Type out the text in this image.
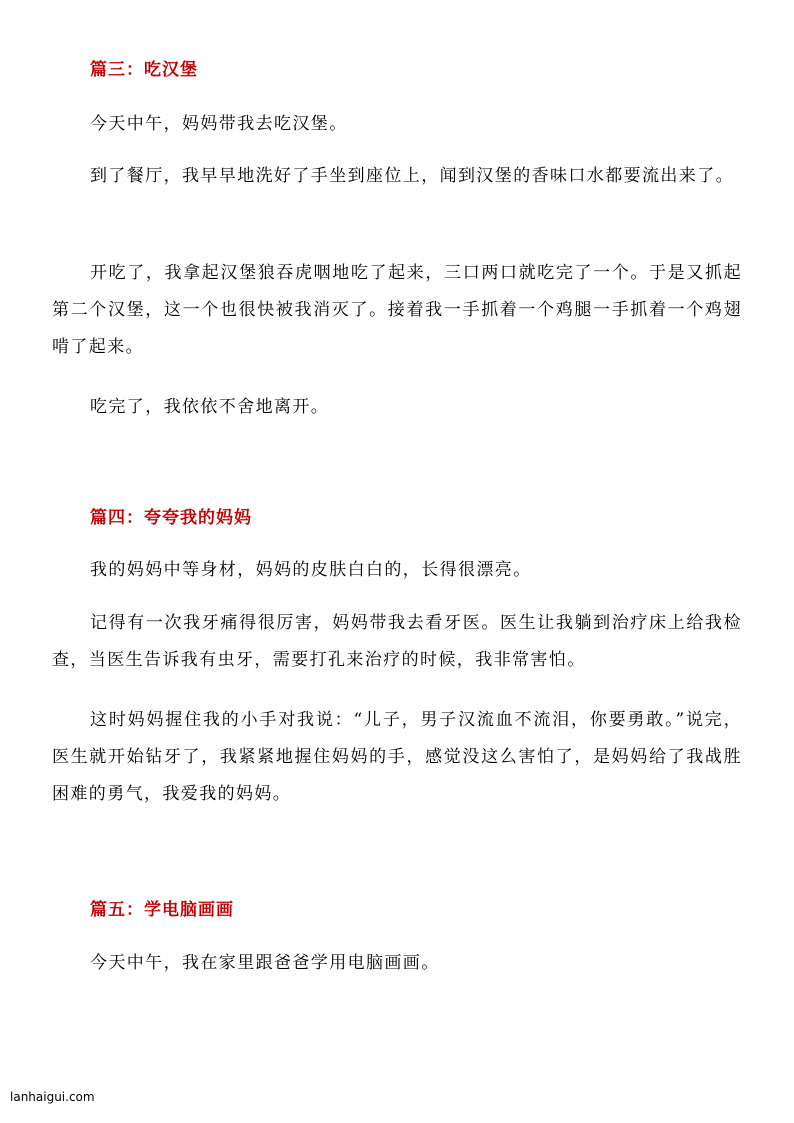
篇三：吃汉堡

今天中午，妈妈带我去吃汉堡。

到了餐厅，我早早地洗好了手坐到座位上，闻到汉堡的香味口水都要流出来了。

开吃了，我拿起汉堡狼吞虎咽地吃了起来，三口两口就吃完了一个。于是又抓起第二个汉堡，这一个也很快被我消灭了。接着我一手抓着一个鸡腿一手抓着一个鸡翅啃了起来。

吃完了，我依依不舍地离开。

篇四：夸夸我的妈妈

我的妈妈中等身材，妈妈的皮肤白白的，长得很漂亮。

记得有一次我牙痛得很厉害，妈妈带我去看牙医。医生让我躺到治疗床上给我检查，当医生告诉我有虫牙，需要打孔来治疗的时候，我非常害怕。

这时妈妈握住我的小手对我说：“儿子，男子汉流血不流泪，你要勇敢。”说完，医生就开始钻牙了，我紧紧地握住妈妈的手，感觉没这么害怕了，是妈妈给了我战胜困难的勇气，我爱我的妈妈。

篇五：学电脑画画

今天中午，我在家里跟爸爸学用电脑画画。

lanhaigui.com
